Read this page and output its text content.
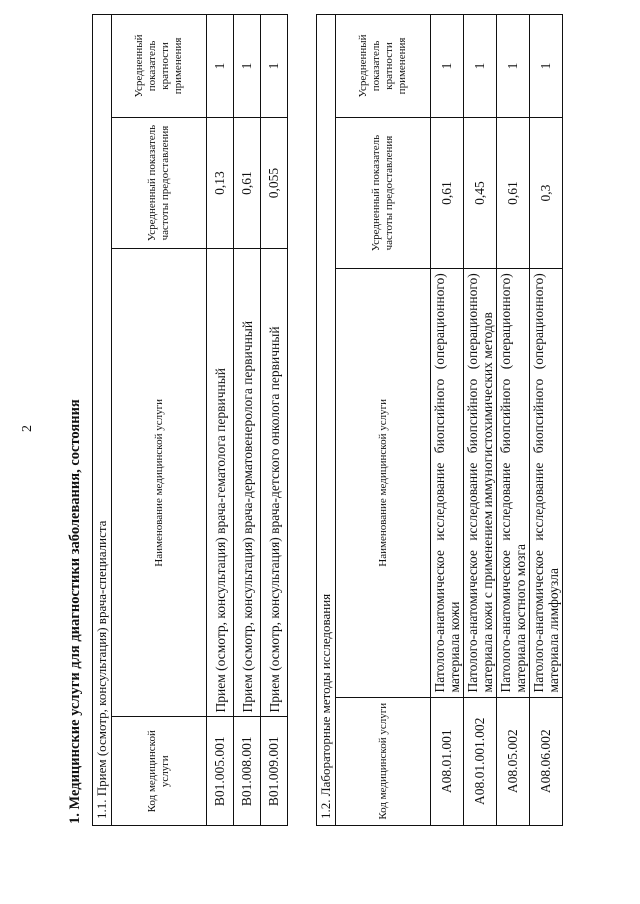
2 1. Медицинские услуги для диагностики заболевания, состояния 1.1. Прием (осмотр, консультация) врача-специалиста			
Код медицинской услуги	Наименование медицинской услуги	Усредненный показатель частоты предоставления	Усредненный показатель кратности применения
B01.005.001	Прием (осмотр, консультация) врача-гематолога первичный	0,13	1
B01.008.001	Прием (осмотр, консультация) врача-дерматовенеролога первичный	0,61	1
B01.009.001	Прием (осмотр, консультация) врача-детского онколога первичный	0,055	1
1.2. Лабораторные методы исследования			
Код медицинской услуги	Наименование медицинской услуги	Усредненный показатель частоты предоставления	Усредненный показатель кратности применения
A08.01.001	Патолого-анатомическое исследование биопсийного (операционного) материала кожи	0,61	1
A08.01.001.002	Патолого-анатомическое исследование биопсийного (операционного) материала кожи с применением иммуногистохимических методов	0,45	1
A08.05.002	Патолого-анатомическое исследование биопсийного (операционного) материала костного мозга	0,61	1
A08.06.002	Патолого-анатомическое исследование биопсийного (операционного) материала лимфоузла	0,3	1
